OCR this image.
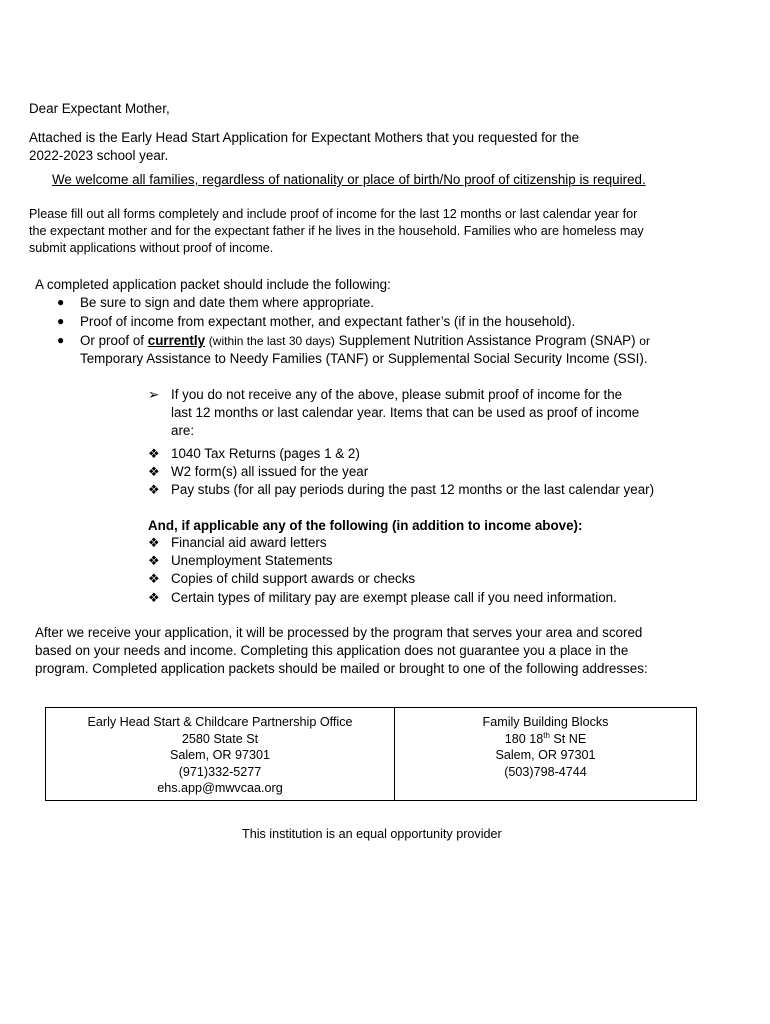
Dear Expectant Mother,
Attached is the Early Head Start Application for Expectant Mothers that you requested for the
2022-2023 school year.
We welcome all families, regardless of nationality or place of birth/No proof of citizenship is required.
Please fill out all forms completely and include proof of income for the last 12 months or last calendar year for
the expectant mother and for the expectant father if he lives in the household. Families who are homeless may
submit applications without proof of income.
A completed application packet should include the following:
● Be sure to sign and date them where appropriate.
● Proof of income from expectant mother, and expectant father’s (if in the household).
● Or proof of currently (within the last 30 days) Supplement Nutrition Assistance Program (SNAP) or
Temporary Assistance to Needy Families (TANF) or Supplemental Social Security Income (SSI).
➢ If you do not receive any of the above, please submit proof of income for the
last 12 months or last calendar year. Items that can be used as proof of income
are:
❖ 1040 Tax Returns (pages 1 & 2)
❖ W2 form(s) all issued for the year
❖ Pay stubs (for all pay periods during the past 12 months or the last calendar year)
And, if applicable any of the following (in addition to income above):
❖ Financial aid award letters
❖ Unemployment Statements
❖ Copies of child support awards or checks
❖ Certain types of military pay are exempt please call if you need information.
After we receive your application, it will be processed by the program that serves your area and scored
based on your needs and income. Completing this application does not guarantee you a place in the
program. Completed application packets should be mailed or brought to one of the following addresses:
Early Head Start & Childcare Partnership Office
2580 State St
Salem, OR 97301
(971)332-5277
ehs.app@mwvcaa.org

Family Building Blocks
180 18th St NE
Salem, OR 97301
(503)798-4744
This institution is an equal opportunity provider
